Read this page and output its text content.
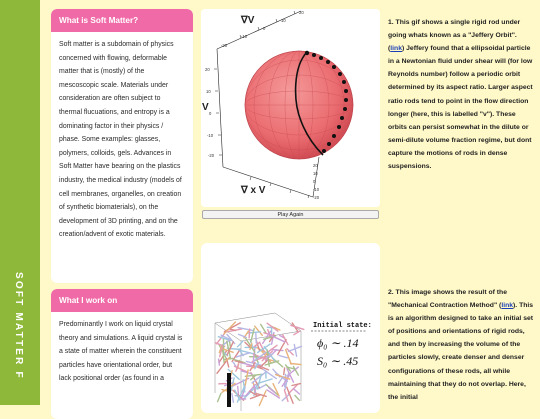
SOFT MATTER F
What is Soft Matter?
Soft matter is a subdomain of physics concerned with flowing, deformable matter that is (mostly) of the mescoscopic scale. Materials under consideration are often subject to thermal flucuations, and entropy is a dominating factor in their physics / phase. Some examples: glasses, polymers, colloids, gels. Advances in Soft Matter have bearing on the plastics industry, the medical industry (models of cell membranes, organelles, on creation of synthetic biomaterials), on the development of 3D printing, and on the creation/advent of exotic materials.
What I work on
Predominantly I work on liquid crystal theory and simulations. A liquid crystal is a state of matter wherein the constituent particles have orientational order, but lack positional order (as found in a
∇V
V
∇ x V
20
10
0
-10
-20
20
10
0
-10
-20
20
10
0
-10
-20
Play Again
Initial state:
ϕ₀ ∼ .14
S₀ ∼ .45
1. This gif shows a single rigid rod under going whats known as a "Jeffery Orbit". (link) Jeffery found that a ellipsoidal particle in a Newtonian fluid under shear will (for low Reynolds number) follow a periodic orbit determined by its aspect ratio. Larger aspect ratio rods tend to point in the flow direction longer (here, this is labelled "v"). These orbits can persist somewhat in the dilute or semi-dilute volume fraction regime, but dont capture the motions of rods in dense suspensions.
2. This image shows the result of the "Mechanical Contraction Method" (link). This is an algorithm designed to take an initial set of positions and orientations of rigid rods, and then by increasing the volume of the particles slowly, create denser and denser configurations of these rods, all while maintaining that they do not overlap. Here, the initial
